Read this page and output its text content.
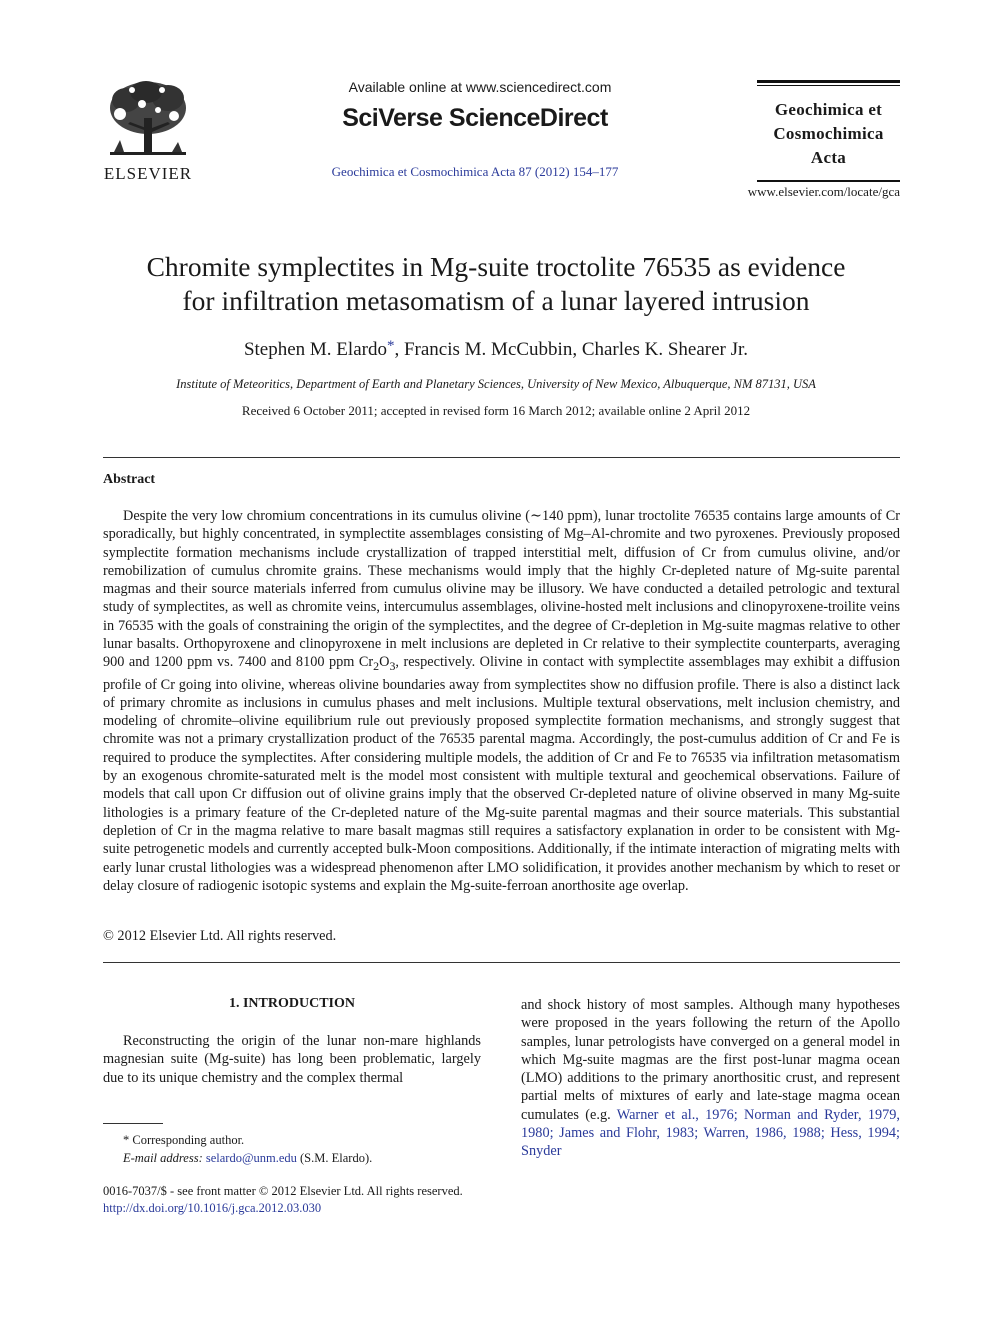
ELSEVIER
Available online at www.sciencedirect.com
SciVerse ScienceDirect
Geochimica et Cosmochimica Acta 87 (2012) 154–177
Geochimica et
Cosmochimica
Acta
www.elsevier.com/locate/gca
Chromite symplectites in Mg-suite troctolite 76535 as evidence
for infiltration metasomatism of a lunar layered intrusion
Stephen M. Elardo*, Francis M. McCubbin, Charles K. Shearer Jr.
Institute of Meteoritics, Department of Earth and Planetary Sciences, University of New Mexico, Albuquerque, NM 87131, USA
Received 6 October 2011; accepted in revised form 16 March 2012; available online 2 April 2012
Abstract

Despite the very low chromium concentrations in its cumulus olivine (∼140 ppm), lunar troctolite 76535 contains large amounts of Cr sporadically, but highly concentrated, in symplectite assemblages consisting of Mg–Al-chromite and two pyroxenes. Previously proposed symplectite formation mechanisms include crystallization of trapped interstitial melt, diffusion of Cr from cumulus olivine, and/or remobilization of cumulus chromite grains. These mechanisms would imply that the highly Cr-depleted nature of Mg-suite parental magmas and their source materials inferred from cumulus olivine may be illusory. We have conducted a detailed petrologic and textural study of symplectites, as well as chromite veins, intercumulus assemblages, olivine-hosted melt inclusions and clinopyroxene-troilite veins in 76535 with the goals of constraining the origin of the symplectites, and the degree of Cr-depletion in Mg-suite magmas relative to other lunar basalts. Orthopyroxene and clinopyroxene in melt inclusions are depleted in Cr relative to their symplectite counterparts, averaging 900 and 1200 ppm vs. 7400 and 8100 ppm $Cr_2O_3$, respectively. Olivine in contact with symplectite assemblages may exhibit a diffusion profile of Cr going into olivine, whereas olivine boundaries away from symplectites show no diffusion profile. There is also a distinct lack of primary chromite as inclusions in cumulus phases and melt inclusions. Multiple textural observations, melt inclusion chemistry, and modeling of chromite–olivine equilibrium rule out previously proposed symplectite formation mechanisms, and strongly suggest that chromite was not a primary crystallization product of the 76535 parental magma. Accordingly, the post-cumulus addition of Cr and Fe is required to produce the symplectites. After considering multiple models, the addition of Cr and Fe to 76535 via infiltration metasomatism by an exogenous chromite-saturated melt is the model most consistent with multiple textural and geochemical observations. Failure of models that call upon Cr diffusion out of olivine grains imply that the observed Cr-depleted nature of olivine observed in many Mg-suite lithologies is a primary feature of the Cr-depleted nature of the Mg-suite parental magmas and their source materials. This substantial depletion of Cr in the magma relative to mare basalt magmas still requires a satisfactory explanation in order to be consistent with Mg-suite petrogenetic models and currently accepted bulk-Moon compositions. Additionally, if the intimate interaction of migrating melts with early lunar crustal lithologies was a widespread phenomenon after LMO solidification, it provides another mechanism by which to reset or delay closure of radiogenic isotopic systems and explain the Mg-suite-ferroan anorthosite age overlap.

© 2012 Elsevier Ltd. All rights reserved.
1. INTRODUCTION

Reconstructing the origin of the lunar non-mare highlands magnesian suite (Mg-suite) has long been problematic, largely due to its unique chemistry and the complex thermal

and shock history of most samples. Although many hypotheses were proposed in the years following the return of the Apollo samples, lunar petrologists have converged on a general model in which Mg-suite magmas are the first post-lunar magma ocean (LMO) additions to the primary anorthositic crust, and represent partial melts of mixtures of early and late-stage magma ocean cumulates (e.g. Warner et al., 1976; Norman and Ryder, 1979, 1980; James and Flohr, 1983; Warren, 1986, 1988; Hess, 1994; Snyder

* Corresponding author.
E-mail address: selardo@unm.edu (S.M. Elardo).
0016-7037/$ - see front matter © 2012 Elsevier Ltd. All rights reserved.
http://dx.doi.org/10.1016/j.gca.2012.03.030
